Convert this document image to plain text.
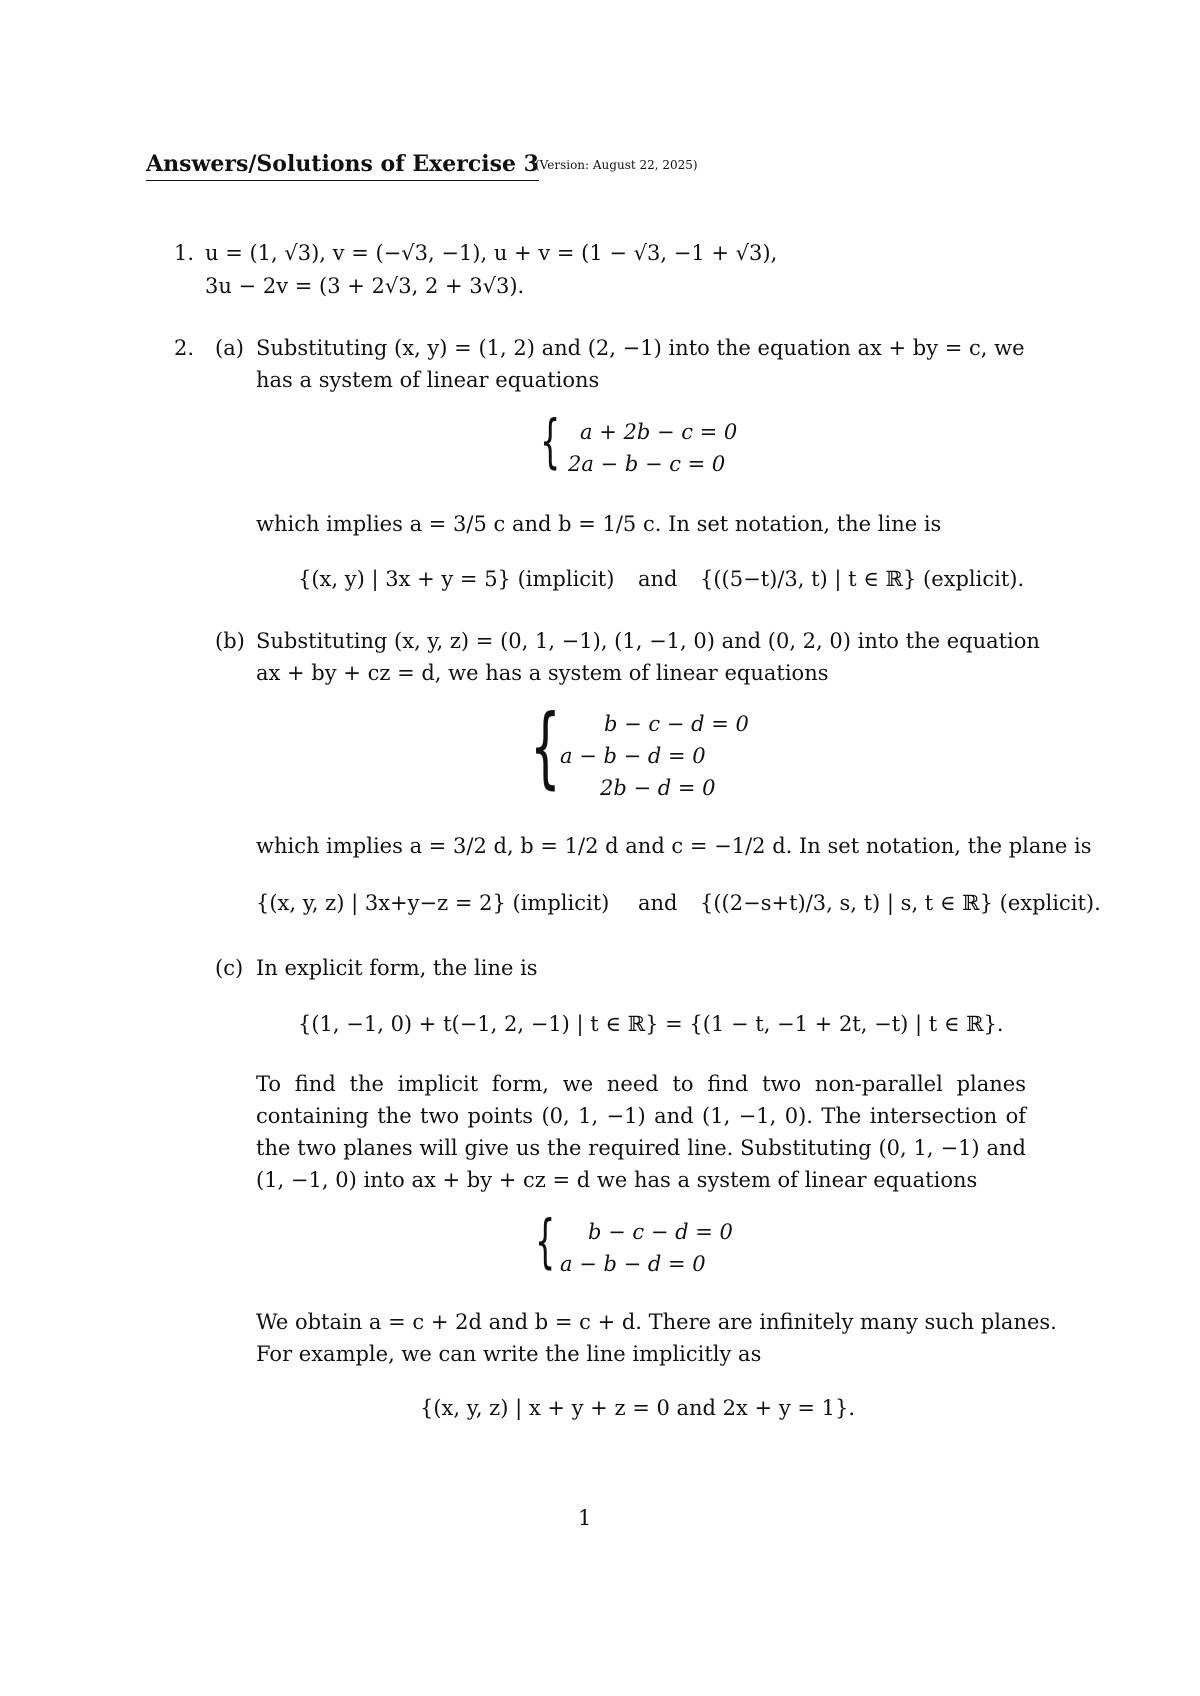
Answers/Solutions of Exercise 3
(Version: August 22, 2025)
1. u = (1, √3), v = (−√3, −1), u + v = (1 − √3, −1 + √3),
3u − 2v = (3 + 2√3, 2 + 3√3).
2. (a) Substituting (x, y) = (1, 2) and (2, −1) into the equation ax + by = c, we
has a system of linear equations
{ a + 2b − c = 0
2a − b − c = 0
which implies a = 3/5 c and b = 1/5 c. In set notation, the line is
{(x, y) | 3x + y = 5} (implicit) and {((5−t)/3, t) | t ∈ ℝ} (explicit).
(b) Substituting (x, y, z) = (0, 1, −1), (1, −1, 0) and (0, 2, 0) into the equation
ax + by + cz = d, we has a system of linear equations
{ b − c − d = 0
a − b − d = 0
2b − d = 0
which implies a = 3/2 d, b = 1/2 d and c = −1/2 d. In set notation, the plane is
{(x, y, z) | 3x+y−z = 2} (implicit) and {((2−s+t)/3, s, t) | s, t ∈ ℝ} (explicit).
(c) In explicit form, the line is
{(1, −1, 0) + t(−1, 2, −1) | t ∈ ℝ} = {(1 − t, −1 + 2t, −t) | t ∈ ℝ}.
To find the implicit form, we need to find two non-parallel planes containing the two points (0, 1, −1) and (1, −1, 0). The intersection of the two planes will give us the required line. Substituting (0, 1, −1) and (1, −1, 0) into ax + by + cz = d we has a system of linear equations
{ b − c − d = 0
a − b − d = 0
We obtain a = c + 2d and b = c + d. There are infinitely many such planes.
For example, we can write the line implicitly as
{(x, y, z) | x + y + z = 0 and 2x + y = 1}.
1
